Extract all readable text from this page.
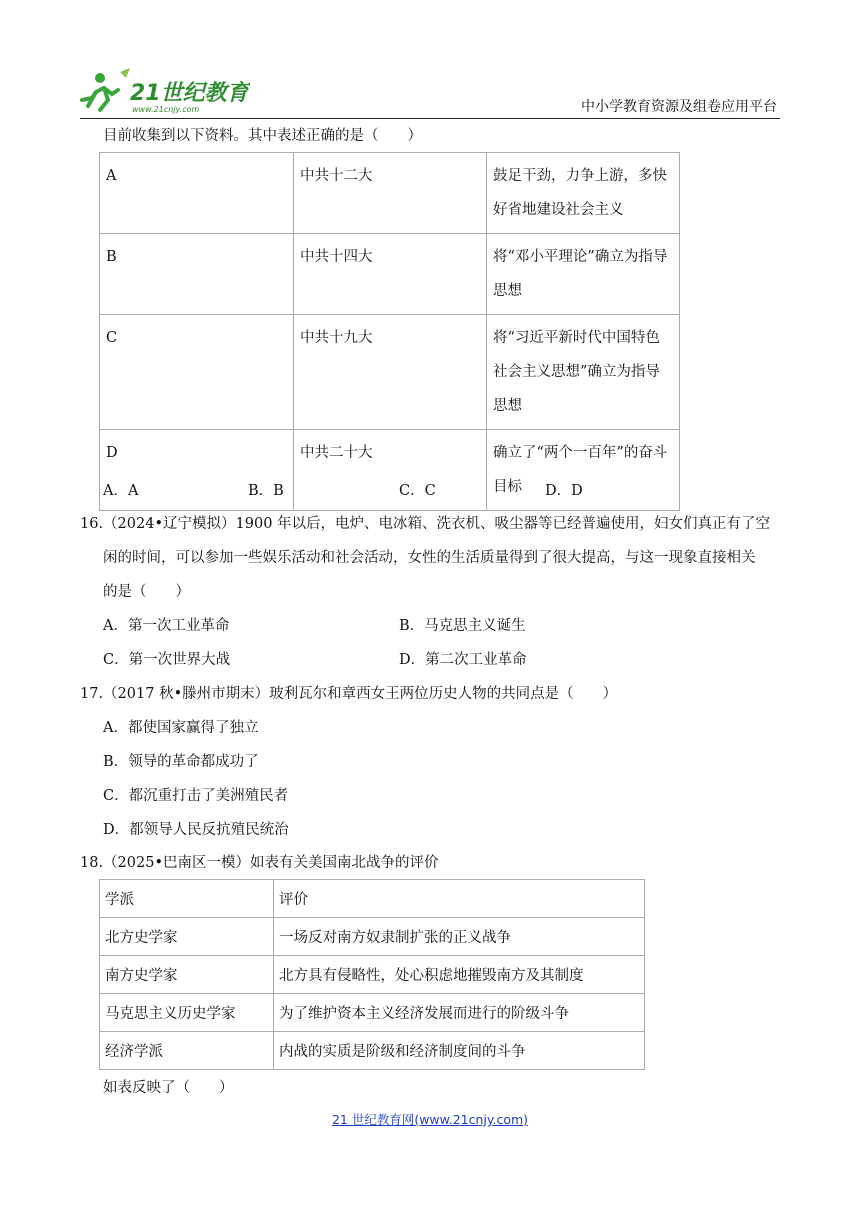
21世纪教育
www.21cnjy.com	中小学教育资源及组卷应用平台
目前收集到以下资料。其中表述正确的是（　　）
A	中共十二大	鼓足干劲，力争上游，多快好省地建设社会主义
B	中共十四大	将“邓小平理论”确立为指导思想
C	中共十九大	将“习近平新时代中国特色社会主义思想”确立为指导思想
D	中共二十大	确立了“两个一百年”的奋斗目标
A．A	B．B	C．C	D．D
16.（2024•辽宁模拟）1900 年以后，电炉、电冰箱、洗衣机、吸尘器等已经普遍使用，妇女们真正有了空
闲的时间，可以参加一些娱乐活动和社会活动，女性的生活质量得到了很大提高，与这一现象直接相关
的是（　　）
A．第一次工业革命	B．马克思主义诞生
C．第一次世界大战	D．第二次工业革命
17.（2017 秋•滕州市期末）玻利瓦尔和章西女王两位历史人物的共同点是（　　）
A．都使国家赢得了独立
B．领导的革命都成功了
C．都沉重打击了美洲殖民者
D．都领导人民反抗殖民统治
18.（2025•巴南区一模）如表有关美国南北战争的评价
学派	评价
北方史学家	一场反对南方奴隶制扩张的正义战争
南方史学家	北方具有侵略性，处心积虑地摧毁南方及其制度
马克思主义历史学家	为了维护资本主义经济发展而进行的阶级斗争
经济学派	内战的实质是阶级和经济制度间的斗争
如表反映了（　　）
21 世纪教育网(www.21cnjy.com)
